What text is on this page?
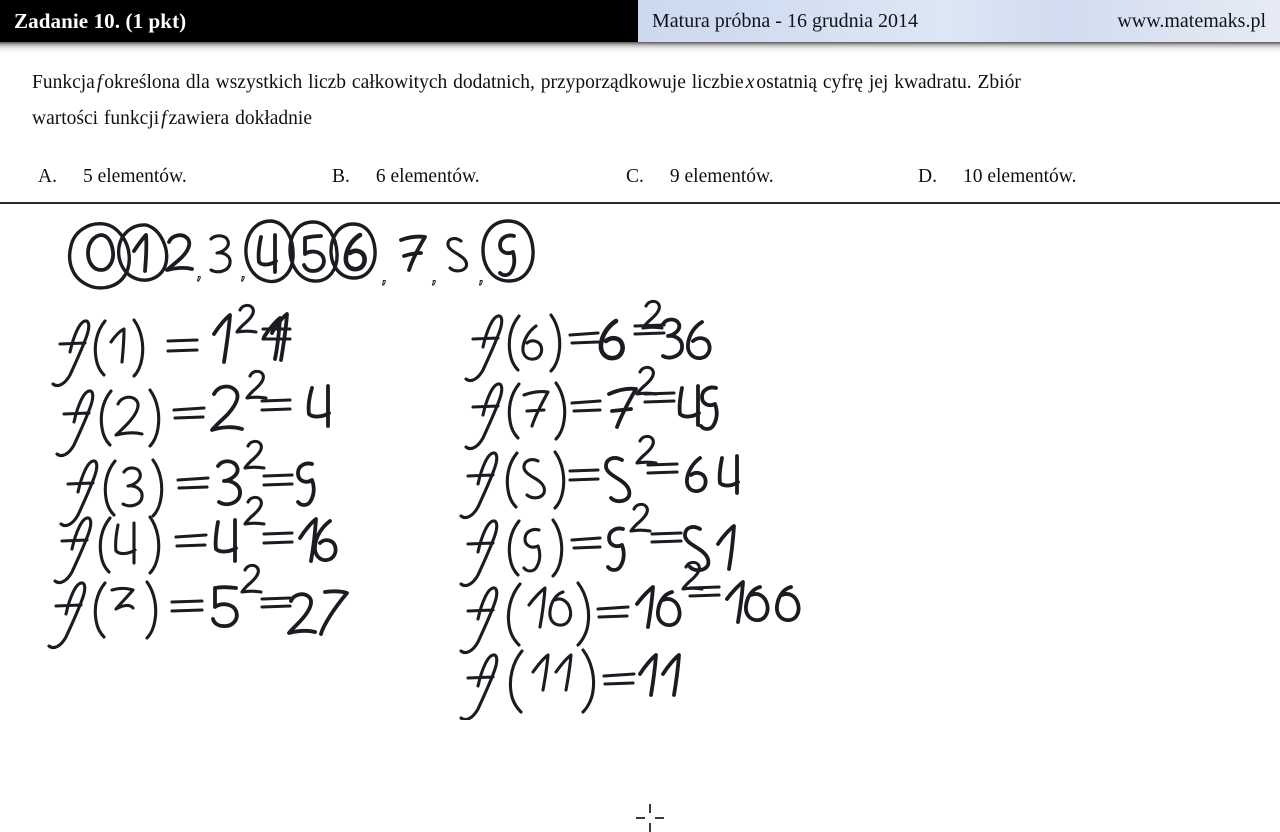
Zadanie 10. (1 pkt)	Matura próbna - 16 grudnia 2014	www.matemaks.pl

Funkcja f określona dla wszystkich liczb całkowitych dodatnich, przyporządkowuje liczbie x ostatnią cyfrę jej kwadratu. Zbiór
wartości funkcji f zawiera dokładnie

A. 5 elementów.	B. 6 elementów.	C. 9 elementów.	D. 10 elementów.
, ,	, , ,
